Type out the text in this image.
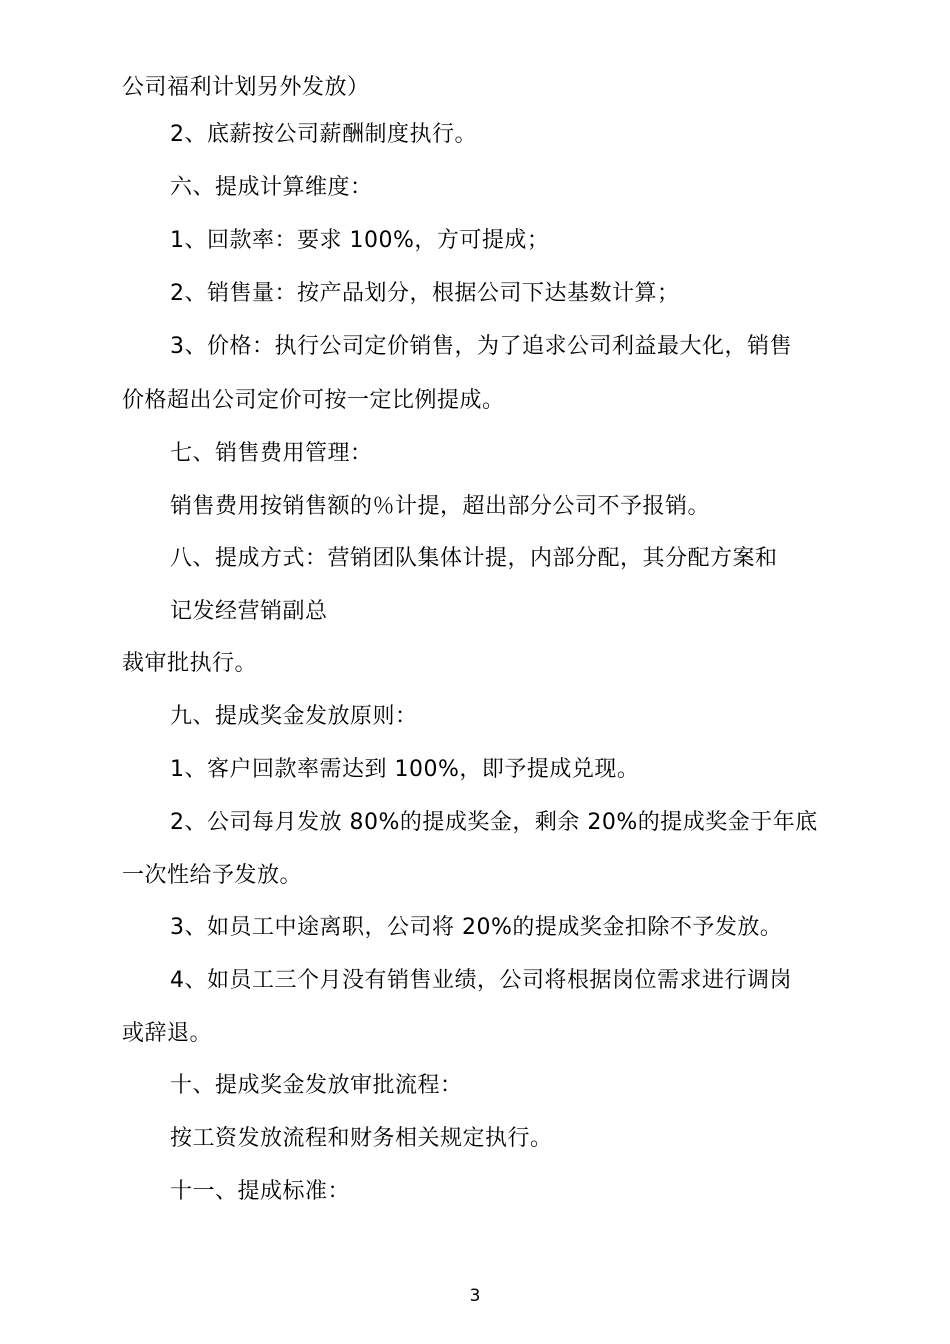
公司福利计划另外发放）
2、底薪按公司薪酬制度执行。
六、提成计算维度：
1、回款率：要求 100%，方可提成；
2、销售量：按产品划分，根据公司下达基数计算；
3、价格：执行公司定价销售，为了追求公司利益最大化，销售
价格超出公司定价可按一定比例提成。
七、销售费用管理：
销售费用按销售额的％计提，超出部分公司不予报销。
八、提成方式：营销团队集体计提，内部分配，其分配方案和
记发经营销副总
裁审批执行。
九、提成奖金发放原则：
1、客户回款率需达到 100%，即予提成兑现。
2、公司每月发放 80%的提成奖金，剩余 20%的提成奖金于年底
一次性给予发放。
3、如员工中途离职，公司将 20%的提成奖金扣除不予发放。
4、如员工三个月没有销售业绩，公司将根据岗位需求进行调岗
或辞退。
十、提成奖金发放审批流程：
按工资发放流程和财务相关规定执行。
十一、提成标准：
3
